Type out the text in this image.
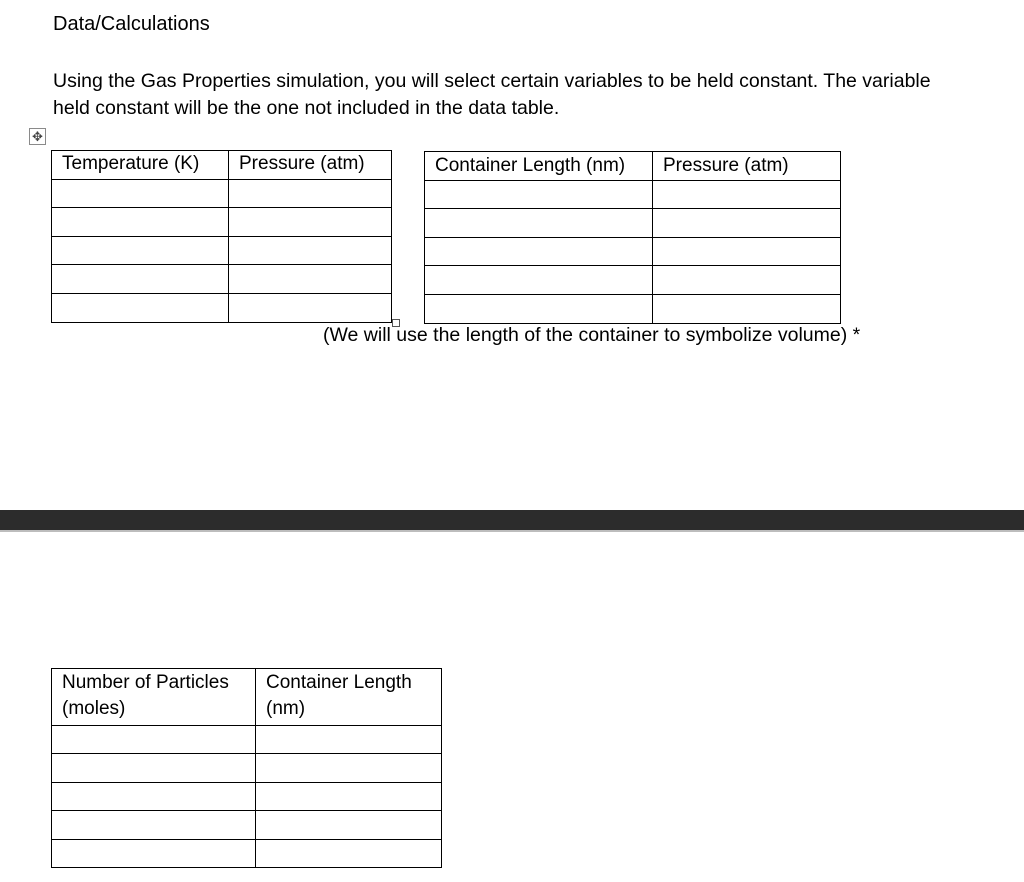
Data/Calculations
Using the Gas Properties simulation, you will select certain variables to be held constant. The variable held constant will be the one not included in the data table.
✥
Temperature (K)	Pressure (atm)

		Container Length (nm)	Pressure (atm)

(We will use the length of the container to symbolize volume) *
Number of Particles (moles)	Container Length (nm)
